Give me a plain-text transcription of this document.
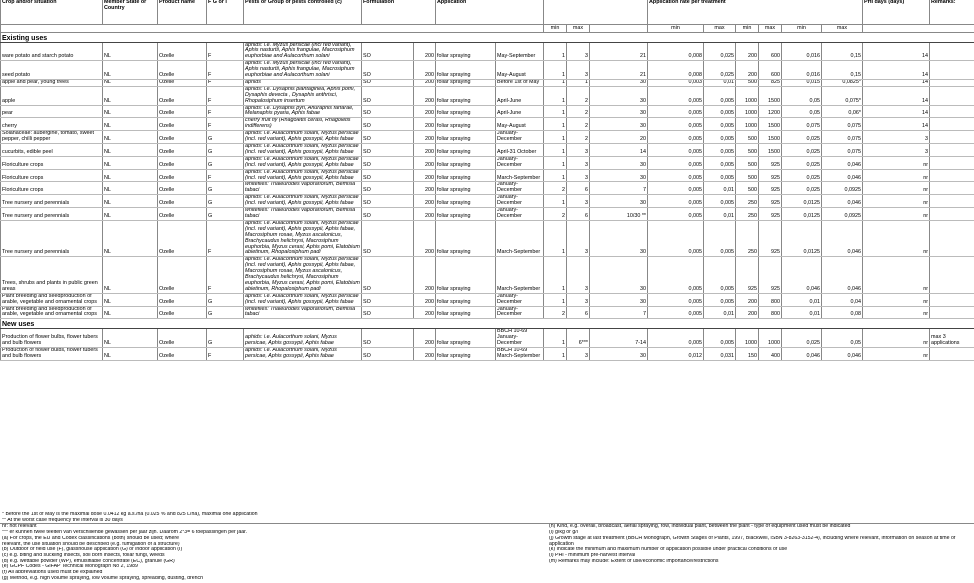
Crop and/or situation	Member State or Country	Product name	F G or I	Pests or Group of pests controlled (c)	Formulation		Application					Application rate per treatment						PHI days (days)	Remarks:
									min	max		min	max	min	max	min	max		
Existing uses																			
ware potato and starch potato	NL	Ozelle	F	aphids: i.e. Myzus persicae (incl red variant), Aphis nasturtii, Aphis frangulae, Macrosiphum euphorbiae and Aulacorthum solani	SO	200	foliar spraying	May-September	1	3	21	0,008	0,025	200	600	0,016	0,15	14	
seed potato	NL	Ozelle	F	aphids: i.e. Myzus persicae (incl red variant), Aphis nasturtii, Aphis frangulae, Macrosiphum euphorbiae and Aulacorthum solani	SO	200	foliar spraying	May-August	1	3	21	0,008	0,025	200	600	0,016	0,15	14	
apple and pear, young trees	NL	Ozelle	F	aphids	SO	200	foliar spraying	Before 1st of May	1	1	30	0,003	0,01	500	825	0,015	0,0825*	14	
apple	NL	Ozelle	F	aphids: i.e. Dysaphis plantaginea, Aphis pomi, Dysaphis devecta , Dysaphis anthrisci, Rhopalosiphum insertum	SO	200	foliar spraying	April-June	1	2	30	0,005	0,005	1000	1500	0,05	0,075*	14	
pear	NL	Ozelle	F	aphids: i.e. Dysaphis pyri, Anuraphis farfarae, Melanaphis pyaria, Aphis fabae	SO	200	foliar spraying	April-June	1	2	30	0,005	0,005	1000	1200	0,05	0,06*	14	
cherry	NL	Ozelle	F	cherry fruit fly (Rhagoletis cerasi, Rhagoletis indifferens)	SO	200	foliar spraying	May-August	1	2	30	0,005	0,005	1000	1500	0,075	0,075	14	
Solanaceae: aubergine, tomato, sweet pepper, chilli pepper	NL	Ozelle	G	aphids: i.e. Aulacorthum solani, Myzus persicae (incl. red variant), Aphis gossypii, Aphis fabae	SO	200	foliar spraying	January-December	1	2	20	0,005	0,005	500	1500	0,025	0,075	3	
cucurbits, edible peel	NL	Ozelle	G	aphids: i.e. Aulacorthum solani, Myzus persicae (incl. red variant), Aphis gossypii, Aphis fabae	SO	200	foliar spraying	April-31 October	1	3	14	0,005	0,005	500	1500	0,025	0,075	3	
Floriculture crops	NL	Ozelle	G	aphids: i.e. Aulacorthum solani, Myzus persicae (incl. red variant), Aphis gossypii, Aphis fabae	SO	200	foliar spraying	January-December	1	3	30	0,005	0,005	500	925	0,025	0,046	nr	
Floriculture crops	NL	Ozelle	F	aphids: i.e. Aulacorthum solani, Myzus persicae (incl. red variant), Aphis gossypii, Aphis fabae	SO	200	foliar spraying	March-September	1	3	30	0,005	0,005	500	925	0,025	0,046	nr	
Floriculture crops	NL	Ozelle	G	whiteflies: Trialeurodes vaporariorum, Bemisia tabaci	SO	200	foliar spraying	January-December	2	6	7	0,005	0,01	500	925	0,025	0,0925	nr	
Tree nursery and perennials	NL	Ozelle	G	aphids: i.e. Aulacorthum solani, Myzus persicae (incl. red variant), Aphis gossypii, Aphis fabae	SO	200	foliar spraying	January-December	1	3	30	0,005	0,005	250	925	0,0125	0,046	nr	
Tree nursery and perennials	NL	Ozelle	G	whiteflies: Trialeurodes vaporariorum, Bemisia tabaci	SO	200	foliar spraying	January-December	2	6	10/30 **	0,005	0,01	250	925	0,0125	0,0925	nr	
Tree nursery and perennials	NL	Ozelle	F	aphids: i.e. Aulacorthum solani, Myzus persicae (incl. red variant), Aphis gossypii, Aphis fabae, Macrosiphum rosae, Myzus ascalonicus, Brachycaudus helichrysi, Macrosiphum euphorbia, Myzus cerasi, Aphis pomi, Elatobium abietinum, Rhopalosiphum padi	SO	200	foliar spraying	March-September	1	3	30	0,005	0,005	250	925	0,0125	0,046	nr	
Trees, shrubs and plants in public green areas	NL	Ozelle	F	aphids: i.e. Aulacorthum solani, Myzus persicae (incl. red variant), Aphis gossypii, Aphis fabae, Macrosiphum rosae, Myzus ascalonicus, Brachycaudus helichrysi, Macrosiphum euphorbia, Myzus cerasi, Aphis pomi, Elatobium abietinum, Rhopalosiphum padi	SO	200	foliar spraying	March-September	1	3	30	0,005	0,005	925	925	0,046	0,046	nr	
Plant breeding and seedproduction of arable, vegetable and ornamental crops	NL	Ozelle	G	aphids: i.e. Aulacorthum solani, Myzus persicae (incl. red variant), Aphis gossypii, Aphis fabae	SO	200	foliar spraying	January-December	1	3	30	0,005	0,005	200	800	0,01	0,04	nr	
Plant breeding and seedproduction of arable, vegetable and ornamental crops	NL	Ozelle	G	whiteflies: Trialeurodes vaporariorum, Bemisia tabaci	SO	200	foliar spraying	January-December	2	6	7	0,005	0,01	200	800	0,01	0,08	nr	
New uses																			
Production of flower bulbs, flower tubers and bulb flowers	NL	Ozelle	G	aphids: i.e. Aulacorthum solani, Myzus persicae, Aphis gossypii, Aphis fabae	SO	200	foliar spraying	BBCH 10-69 January-December	1	6***	7-14	0,005	0,005	1000	1000	0,025	0,05	nr	max 3 applications
Production of flower bulbs, flower tubers and bulb flowers	NL	Ozelle	F	aphids: i.e. Aulacorthum solani, Myzus persicae, Aphis gossypii, Aphis fabae	SO	200	foliar spraying	BBCH 10-69 March-September	1	3	30	0,012	0,031	150	400	0,046	0,046	nr	
* Before the 1st of May is the maximal dose 0.0412 kg a.s./ha (0.025 % and 825 L/ha), maximal one application
** At the worst case frequency the interval is 30 days
nr: not relevant
*** er kunnen twee teelten van verschillende gewassen per jaar zijn. Daarom 2*3= 6 toepassingen per jaar.
(a) For crops, the EU and Codex classifications (both) should be used; where
relevant, the use situation should be described (e.g. fumigation of a structure)
(b) Outdoor or field use (F), glasshouse application (G) or indoor application (I)
(c) e.g. biting and suckling insects, soil born insects, foliar fungi, weeds
(d) e.g. wettable powder (WP), emulsifiable concentrate (EC), granule (GR)
(e) GCPF Codes - GIFAP Technical Monograph No 2, 1989
(f) All abbreviations used must be explained
(g) Method, e.g. high volume spraying, low volume spraying, spreading, dusting, drench
(h) Kind, e.g. overall, broadcast, aerial spraying, row, individual plant, between the plant - type of equipment used must be indicated
(i) g/kg or g/l
(j) Growth stage at last treatment (BBCH Monograph, Growth Stages of Plants, 1997, Blackwell, ISBN 3-8263-3152-4), including where relevant, information on season at time of application
(k) Indicate the minimum and maximum number of application possible under practical conditions of use
(l) PHI - minimum pre-harvest interval
(m) Remarks may include: Extent of use/economic importance/restrictions
